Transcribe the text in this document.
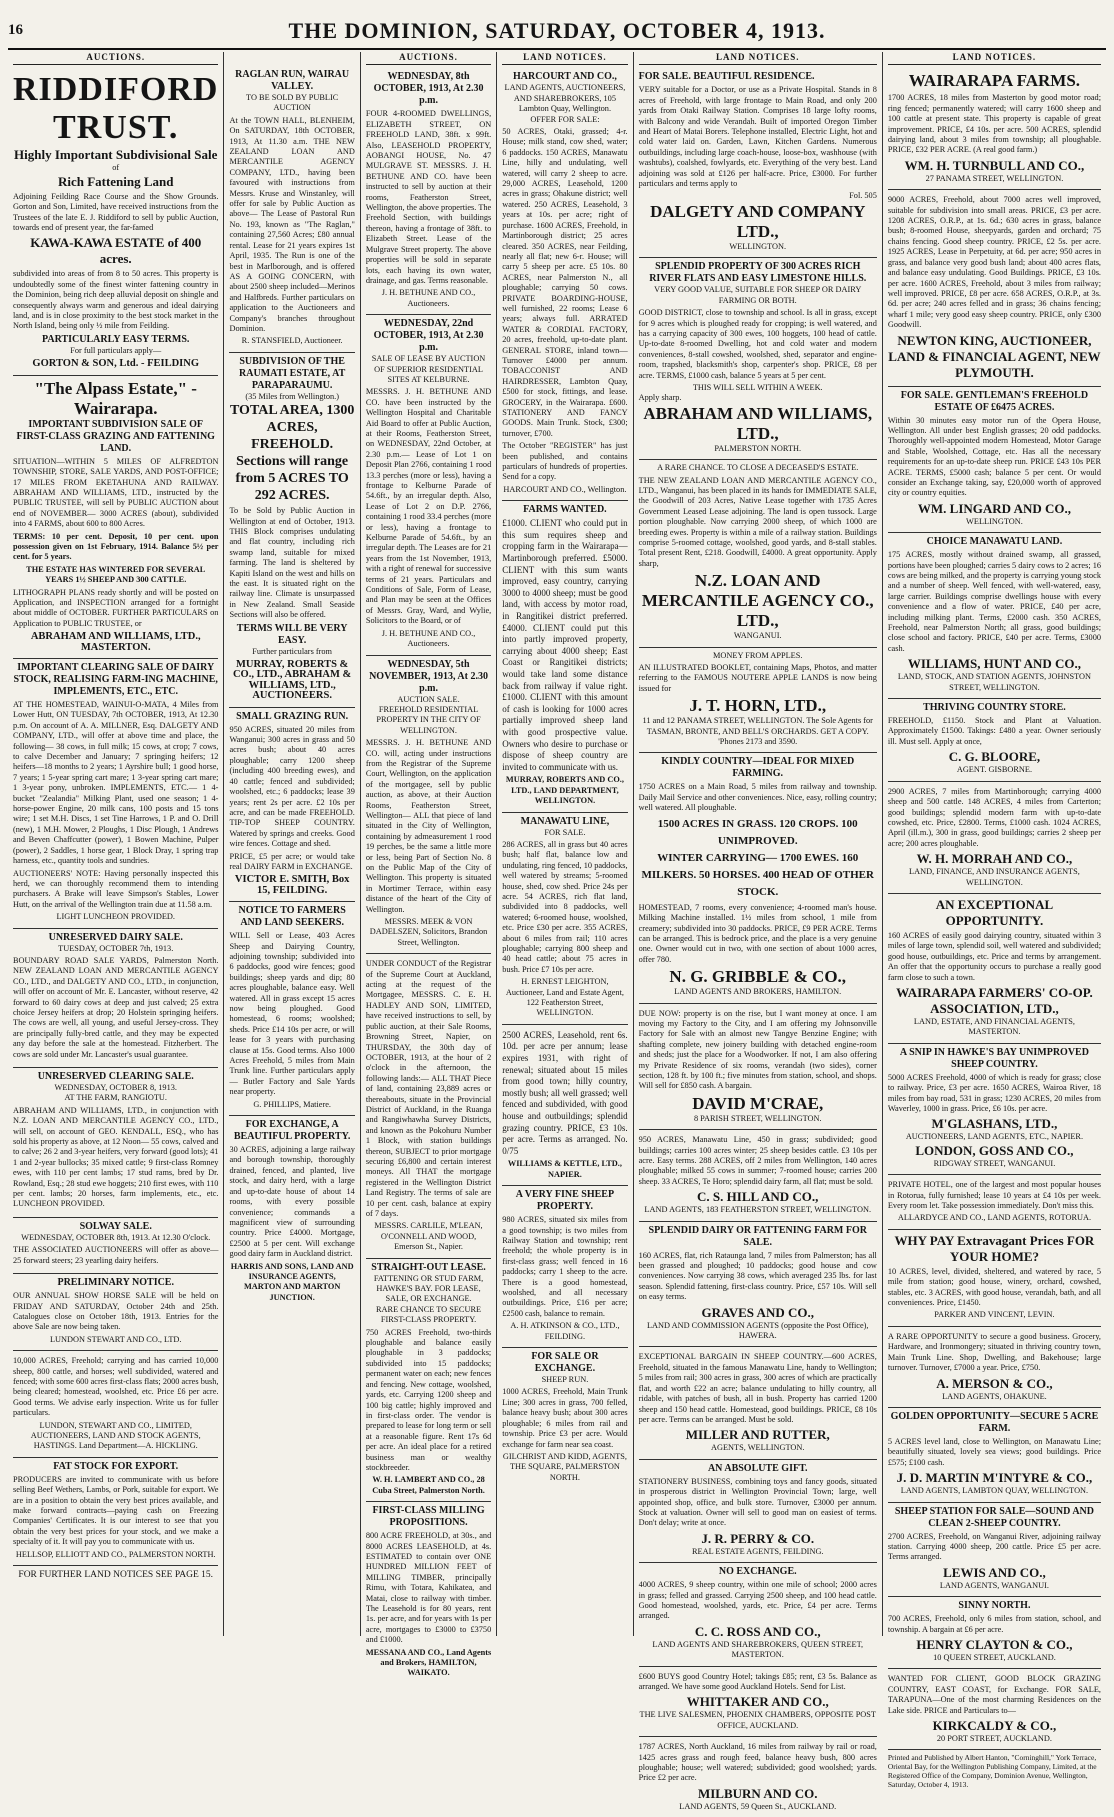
16	THE DOMINION, SATURDAY, OCTOBER 4, 1913.
AUCTIONS.
RIDDIFORD TRUST.
Highly Important Subdivisional Sale
of
Rich Fattening Land

Adjoining Feilding Race Course and the Show Grounds. Gorton and Son, Limited, have received instructions from the Trustees of the late E. J. Riddiford to sell by public Auction, towards end of present year, the far-famed

KAWA-KAWA ESTATE of 400 acres.

subdivided into areas of from 8 to 50 acres. This property is undoubtedly some of the finest winter fattening country in the Dominion, being rich deep alluvial deposit on shingle and consequently always warm and generous and ideal dairying land, and is in close proximity to the best stock market in the North Island, being only ½ mile from Feilding.

PARTICULARLY EASY TERMS.
For full particulars apply—
GORTON & SON, Ltd. - FEILDING
"The Alpass Estate," - Wairarapa.
IMPORTANT SUBDIVISION SALE OF FIRST-CLASS GRAZING AND FATTENING LAND.

SITUATION—WITHIN 5 MILES OF ALFREDTON TOWNSHIP, STORE, SALE YARDS, AND POST-OFFICE; 17 MILES FROM EKETAHUNA AND RAILWAY. ABRAHAM AND WILLIAMS, LTD., instructed by the PUBLIC TRUSTEE, will sell by PUBLIC AUCTION about end of NOVEMBER— 3000 ACRES (about), subdivided into 4 FARMS, about 600 to 800 Acres.

TERMS: 10 per cent. Deposit, 10 per cent. upon possession given on 1st February, 1914. Balance 5½ per cent. for 5 years.

THE ESTATE HAS WINTERED FOR SEVERAL YEARS 1½ SHEEP AND 300 CATTLE.

LITHOGRAPH PLANS ready shortly and will be posted on Application, and INSPECTION arranged for a fortnight about middle of OCTOBER. FURTHER PARTICULARS on Application to PUBLIC TRUSTEE, or

ABRAHAM AND WILLIAMS, LTD., MASTERTON.
IMPORTANT CLEARING SALE OF DAIRY STOCK, REALISING FARM-ING MACHINE, IMPLEMENTS, ETC., ETC.

AT THE HOMESTEAD, WAINUI-O-MATA, 4 Miles from Lower Hutt, ON TUESDAY, 7th OCTOBER, 1913, At 12.30 p.m. On account of A. A. MILLNER, Esq. DALGETY AND COMPANY, LTD., will offer at above time and place, the following— 38 cows, in full milk; 15 cows, at crop; 7 cows, to calve December and January; 7 springing heifers; 12 heifers—18 months to 2 years; 1 Ayrshire bull; 1 good horse, 7 years; 1 5-year spring cart mare; 1 3-year spring cart mare; 1 3-year pony, unbroken. IMPLEMENTS, ETC.— 1 4-bucket "Zealandia" Milking Plant, used one season; 1 4-horse-power Engine, 20 milk cans, 100 posts and 15 tons wire; 1 set M.H. Discs, 1 set Tine Harrows, 1 P. and O. Drill (new), 1 M.H. Mower, 2 Ploughs, 1 Disc Plough, 1 Andrews and Beven Chaffcutter (power), 1 Bowen Machine, Pulper (power), 2 Saddles, 1 horse gear, 1 Block Dray, 1 spring trap harness, etc., quantity tools and sundries.

AUCTIONEERS' NOTE: Having personally inspected this herd, we can thoroughly recommend them to intending purchasers. A Brake will leave Simpson's Stables, Lower Hutt, on the arrival of the Wellington train due at 11.58 a.m.

LIGHT LUNCHEON PROVIDED.
UNRESERVED DAIRY SALE.
TUESDAY, OCTOBER 7th, 1913.

BOUNDARY ROAD SALE YARDS, Palmerston North. NEW ZEALAND LOAN AND MERCANTILE AGENCY CO., LTD., and DALGETY AND CO., LTD., in conjunction, will offer on account of Mr. E. Lancaster, without reserve, 42 forward to 60 dairy cows at deep and just calved; 25 extra choice Jersey heifers at drop; 20 Holstein springing heifers. The cows are well, all young, and useful Jersey-cross. They are principally fully-bred cattle, and they may be expected any day before the sale at the homestead. Fitzherbert. The cows are sold under Mr. Lancaster's usual guarantee.

UNRESERVED CLEARING SALE.
WEDNESDAY, OCTOBER 8, 1913.
AT THE FARM, RANGIOTU.

ABRAHAM AND WILLIAMS, LTD., in conjunction with N.Z. LOAN AND MERCANTILE AGENCY CO., LTD., will sell, on account of GEO. KENDALL, ESQ., who has sold his property as above, at 12 Noon— 55 cows, calved and to calve; 26 2 and 3-year heifers, very forward (good lots); 41 1 and 2-year bullocks; 35 mixed cattle; 9 first-class Romney ewes, with 110 per cent lambs; 17 stud rams, bred by Dr. Rowland, Esq.; 28 stud ewe hoggets; 210 first ewes, with 110 per cent. lambs; 20 horses, farm implements, etc., etc. LUNCHEON PROVIDED.

SOLWAY SALE.
WEDNESDAY, OCTOBER 8th, 1913. At 12.30 O'clock.

THE ASSOCIATED AUCTIONEERS will offer as above— 25 forward steers; 23 yearling dairy heifers.

PRELIMINARY NOTICE.

OUR ANNUAL SHOW HORSE SALE will be held on FRIDAY AND SATURDAY, October 24th and 25th. Catalogues close on October 18th, 1913. Entries for the above Sale are now being taken.

LUNDON STEWART AND CO., LTD.

10,000 ACRES, Freehold; carrying and has carried 10,000 sheep, 800 cattle, and horses; well subdivided, watered and fenced; with some 600 acres first-class flats; 2000 acres bush, being cleared; homestead, woolshed, etc. Price £6 per acre. Good terms. We advise early inspection. Write us for fuller particulars.

LUNDON, STEWART AND CO., LIMITED, AUCTIONEERS, LAND AND STOCK AGENTS, HASTINGS. Land Department—A. HICKLING.
FAT STOCK FOR EXPORT.

PRODUCERS are invited to communicate with us before selling Beef Wethers, Lambs, or Pork, suitable for export. We are in a position to obtain the very best prices available, and make forward contracts—paying cash on Freezing Companies' Certificates. It is our interest to see that you obtain the very best prices for your stock, and we make a specialty of it. It will pay you to communicate with us.

HELLSOP, ELLIOTT AND CO., PALMERSTON NORTH.
FOR FURTHER LAND NOTICES SEE PAGE 15.
RAGLAN RUN, WAIRAU VALLEY.
TO BE SOLD BY PUBLIC AUCTION

At the TOWN HALL, BLENHEIM, On SATURDAY, 18th OCTOBER, 1913, At 11.30 a.m. THE NEW ZEALAND LOAN AND MERCANTILE AGENCY COMPANY, LTD., having been favoured with instructions from Messrs. Kruse and Winstanley, will offer for sale by Public Auction as above— The Lease of Pastoral Run No. 193, known as "The Raglan," containing 27,560 Acres; £80 annual rental. Lease for 21 years expires 1st April, 1935. The Run is one of the best in Marlborough, and is offered AS A GOING CONCERN, with about 2500 sheep included—Merinos and Halfbreds. Further particulars on application to the Auctioneers and Company's branches throughout Dominion.

R. STANSFIELD, Auctioneer.
SUBDIVISION OF THE RAUMATI ESTATE, AT PARAPARAUMU.
(35 Miles from Wellington.)
TOTAL AREA, 1300 ACRES, FREEHOLD.
Sections will range from 5 ACRES TO 292 ACRES.

To be Sold by Public Auction in Wellington at end of October, 1913. THIS Block comprises undulating and flat country, including rich swamp land, suitable for mixed farming. The land is sheltered by Kapiti Island on the west and hills on the east. It is situated right on the railway line. Climate is unsurpassed in New Zealand. Small Seaside Sections will also be offered.

TERMS WILL BE VERY EASY.
Further particulars from
MURRAY, ROBERTS & CO., LTD., ABRAHAM & WILLIAMS, LTD., AUCTIONEERS.
SMALL GRAZING RUN.

950 ACRES, situated 20 miles from Wanganui; 300 acres in grass and 50 acres bush; about 40 acres ploughable; carry 1200 sheep (including 400 breeding ewes), and 40 cattle; fenced and subdivided; woolshed, etc.; 6 paddocks; lease 39 years; rent 2s per acre. £2 10s per acre, and can be made FREEHOLD. TIP-TOP SHEEP COUNTRY. Watered by springs and creeks. Good wire fences. Cottage and shed.

PRICE, £5 per acre; or would take real DAIRY FARM in EXCHANGE.

VICTOR E. SMITH, Box 15, FEILDING.
NOTICE TO FARMERS AND LAND SEEKERS.

WILL Sell or Lease, 403 Acres Sheep and Dairying Country, adjoining township; subdivided into 6 paddocks, good wire fences; good buildings; sheep yards and dip; 80 acres ploughable, balance easy. Well watered. All in grass except 15 acres now being ploughed. Good homestead, 6 rooms; woolshed; sheds. Price £14 10s per acre, or will lease for 3 years with purchasing clause at 15s. Good terms. Also 1000 Acres Freehold, 5 miles from Main Trunk line. Further particulars apply — Butler Factory and Sale Yards near property.

G. PHILLIPS, Matiere.
FOR EXCHANGE, A BEAUTIFUL PROPERTY.

30 ACRES, adjoining a large railway and borough township, thoroughly drained, fenced, and planted, live stock, and dairy herd, with a large and up-to-date house of about 14 rooms, with every possible convenience; commands a magnificent view of surrounding country. Price £4000. Mortgage, £2500 at 5 per cent. Will exchange good dairy farm in Auckland district.

HARRIS AND SONS, LAND AND INSURANCE AGENTS, MARTON AND MARTON JUNCTION.
AUCTIONS.
WEDNESDAY, 8th OCTOBER, 1913, At 2.30 p.m.

FOUR 4-ROOMED DWELLINGS, ELIZABETH STREET, ON FREEHOLD LAND, 38ft. x 99ft. Also, LEASEHOLD PROPERTY, AOBANGI HOUSE, No. 47 MULGRAVE ST. MESSRS. J. H. BETHUNE AND CO. have been instructed to sell by auction at their rooms, Featherston Street, Wellington, the above properties. The Freehold Section, with buildings thereon, having a frontage of 38ft. to Elizabeth Street. Lease of the Mulgrave Street property. The above properties will be sold in separate lots, each having its own water, drainage, and gas. Terms reasonable.

J. H. BETHUNE AND CO., Auctioneers.
WEDNESDAY, 22nd OCTOBER, 1913, At 2.30 p.m.
SALE OF LEASE BY AUCTION OF SUPERIOR RESIDENTIAL SITES AT KELBURNE.

MESSRS. J. H. BETHUNE AND CO. have been instructed by the Wellington Hospital and Charitable Aid Board to offer at Public Auction, at their Rooms, Featherston Street, on WEDNESDAY, 22nd October, at 2.30 p.m.— Lease of Lot 1 on Deposit Plan 2766, containing 1 rood 13.3 perches (more or less), having a frontage to Kelburne Parade of 54.6ft., by an irregular depth. Also, Lease of Lot 2 on D.P. 2766, containing 1 rood 33.4 perches (more or less), having a frontage to Kelburne Parade of 54.6ft., by an irregular depth. The Leases are for 21 years from the 1st November, 1913, with a right of renewal for successive terms of 21 years. Particulars and Conditions of Sale, Form of Lease, and Plan may be seen at the Offices of Messrs. Gray, Ward, and Wylie, Solicitors to the Board, or of

J. H. BETHUNE AND CO., Auctioneers.
WEDNESDAY, 5th NOVEMBER, 1913, At 2.30 p.m.
AUCTION SALE.
FREEHOLD RESIDENTIAL PROPERTY IN THE CITY OF WELLINGTON.

MESSRS. J. H. BETHUNE AND CO. will, acting under instructions from the Registrar of the Supreme Court, Wellington, on the application of the mortgagee, sell by public auction, as above, at their Auction Rooms, Featherston Street, Wellington— ALL that piece of land situated in the City of Wellington, containing by admeasurement 1 rood 19 perches, be the same a little more or less, being Part of Section No. 8 on the Public Map of the City of Wellington. This property is situated in Mortimer Terrace, within easy distance of the heart of the City of Wellington.

MESSRS. MEEK & VON DADELSZEN, Solicitors, Brandon Street, Wellington.

UNDER CONDUCT of the Registrar of the Supreme Court at Auckland, acting at the request of the Mortgagee, MESSRS. C. E. H. HADLEY AND SON, LIMITED, have received instructions to sell, by public auction, at their Sale Rooms, Browning Street, Napier, on THURSDAY, the 30th day of OCTOBER, 1913, at the hour of 2 o'clock in the afternoon, the following lands:— ALL THAT Piece of land, containing 23,889 acres or thereabouts, situate in the Provincial District of Auckland, in the Ruanga and Rangiwhawha Survey Districts, and known as the Pokohuru Number 1 Block, with station buildings thereon, SUBJECT to prior mortgage securing £6,800 and certain interest moneys. All THAT the mortgage registered in the Wellington District Land Registry. The terms of sale are 10 per cent. cash, balance at expiry of 7 days.

MESSRS. CARLILE, M'LEAN, O'CONNELL AND WOOD, Emerson St., Napier.
STRAIGHT-OUT LEASE.
FATTENING OR STUD FARM, HAWKE'S BAY. FOR LEASE, SALE, OR EXCHANGE.
RARE CHANCE TO SECURE FIRST-CLASS PROPERTY.

750 ACRES Freehold, two-thirds ploughable and balance easily ploughable in 3 paddocks; subdivided into 15 paddocks; permanent water on each; new fences and fencing. New cottage, woolshed, yards, etc. Carrying 1200 sheep and 100 big cattle; highly improved and in first-class order. The vendor is prepared to lease for long term or sell at a reasonable figure. Rent 17s 6d per acre. An ideal place for a retired business man or wealthy stockbreeder.

W. H. LAMBERT AND CO., 28 Cuba Street, Palmerston North.
FIRST-CLASS MILLING PROPOSITIONS.

800 ACRE FREEHOLD, at 30s., and 8000 ACRES LEASEHOLD, at 4s. ESTIMATED to contain over ONE HUNDRED MILLION FEET of MILLING TIMBER, principally Rimu, with Totara, Kahikatea, and Matai, close to railway with timber. The Leasehold is for 80 years, rent 1s. per acre, and for years with 1s per acre, mortgages to £3000 to £3750 and £1000.

MESSANA AND CO., Land Agents and Brokers, HAMILTON, WAIKATO.
LAND NOTICES.
HARCOURT AND CO.,
LAND AGENTS, AUCTIONEERS, AND SHAREBROKERS, 105 Lambton Quay, Wellington.
OFFER FOR SALE:

50 ACRES, Otaki, grassed; 4-r. House; milk stand, cow shed, water; 6 paddocks. 150 ACRES, Manawatu Line, hilly and undulating, well watered, will carry 2 sheep to acre. 29,000 ACRES, Leasehold, 1200 acres in grass; Ohakune district; well watered. 250 ACRES, Leasehold, 3 years at 10s. per acre; right of purchase. 1600 ACRES, Freehold, in Martinborough district; 25 acres cleared. 350 ACRES, near Feilding, nearly all flat; new 6-r. House; will carry 5 sheep per acre. £5 10s. 80 ACRES, near Palmerston N., all ploughable; carrying 50 cows. PRIVATE BOARDING-HOUSE, well furnished, 22 rooms; Lease 6 years; always full. ARRATED WATER & CORDIAL FACTORY, 20 acres, freehold, up-to-date plant. GENERAL STORE, inland town—Turnover £4000 per annum. TOBACCONIST AND HAIRDRESSER, Lambton Quay, £500 for stock, fittings, and lease. GROCERY, in the Wairarapa. £600. STATIONERY AND FANCY GOODS. Main Trunk. Stock, £300; turnover, £700.

The October "REGISTER" has just been published, and contains particulars of hundreds of properties. Send for a copy.

HARCOURT AND CO., Wellington.
FARMS WANTED.

£1000. CLIENT who could put in this sum requires sheep and cropping farm in the Wairarapa—Martinborough preferred. £5000. CLIENT with this sum wants improved, easy country, carrying 3000 to 4000 sheep; must be good land, with access by motor road, in Rangitikei district preferred. £4000. CLIENT could put this into partly improved property, carrying about 4000 sheep; East Coast or Rangitikei districts; would take land some distance back from railway if value right. £1000. CLIENT with this amount of cash is looking for 1000 acres partially improved sheep land with good prospective value. Owners who desire to purchase or dispose of sheep country are invited to communicate with us.

MURRAY, ROBERTS AND CO., LTD., LAND DEPARTMENT, WELLINGTON.
MANAWATU LINE,
FOR SALE.

286 ACRES, all in grass but 40 acres bush; half flat, balance low and undulating, ring fenced, 10 paddocks, well watered by streams; 5-roomed house, shed, cow shed. Price 24s per acre. 54 ACRES, rich flat land, subdivided into 8 paddocks, well watered; 6-roomed house, woolshed, etc. Price £30 per acre. 355 ACRES, about 6 miles from rail; 110 acres ploughable; carrying 800 sheep and 40 head cattle; about 75 acres in bush. Price £7 10s per acre.

H. ERNEST LEIGHTON, Auctioneer, Land and Estate Agent, 122 Featherston Street, WELLINGTON.

2500 ACRES, Leasehold, rent 6s. 10d. per acre per annum; lease expires 1931, with right of renewal; situated about 15 miles from good town; hilly country, mostly bush; all well grassed; well fenced and subdivided, with good house and outbuildings; splendid grazing country. PRICE, £3 10s. per acre. Terms as arranged. No. 0/75

WILLIAMS & KETTLE, LTD., NAPIER.
A VERY FINE SHEEP PROPERTY.

980 ACRES, situated six miles from a good township; is two miles from Railway Station and township; rent freehold; the whole property is in first-class grass; well fenced in 16 paddocks; carry 1 sheep to the acre. There is a good homestead, woolshed, and all necessary outbuildings. Price, £16 per acre; £2500 cash, balance to remain.

A. H. ATKINSON & CO., LTD., FEILDING.
FOR SALE OR EXCHANGE.
SHEEP RUN.

1000 ACRES, Freehold, Main Trunk Line; 300 acres in grass, 700 felled, balance heavy bush; about 300 acres ploughable; 6 miles from rail and township. Price £3 per acre. Would exchange for farm near sea coast.

GILCHRIST AND KIDD, AGENTS, THE SQUARE, PALMERSTON NORTH.
LAND NOTICES.
FOR SALE. BEAUTIFUL RESIDENCE.

VERY suitable for a Doctor, or use as a Private Hospital. Stands in 8 acres of Freehold, with large frontage to Main Road, and only 200 yards from Otaki Railway Station. Comprises 18 large lofty rooms, with Balcony and wide Verandah. Built of imported Oregon Timber and Heart of Matai Borers. Telephone installed, Electric Light, hot and cold water laid on. Garden, Lawn, Kitchen Gardens. Numerous outbuildings, including large coach-house, loose-box, washhouse (with washtubs), coalshed, fowlyards, etc. Everything of the very best. Land adjoining was sold at £126 per half-acre. Price, £3000. For further particulars and terms apply to

Fol. 505
DALGETY AND COMPANY LTD.,
WELLINGTON.
SPLENDID PROPERTY OF 300 ACRES RICH RIVER FLATS AND EASY LIMESTONE HILLS.
VERY GOOD VALUE, SUITABLE FOR SHEEP OR DAIRY FARMING OR BOTH.

GOOD DISTRICT, close to township and school. Is all in grass, except for 9 acres which is ploughed ready for cropping; is well watered, and has a carrying capacity of 300 ewes, 100 hoggets, 100 head of cattle. Up-to-date 8-roomed Dwelling, hot and cold water and modern conveniences, 8-stall cowshed, woolshed, shed, separator and engine-room, trapshed, blacksmith's shop, carpenter's shop. PRICE, £8 per acre. TERMS, £1000 cash, balance 5 years at 5 per cent.

THIS WILL SELL WITHIN A WEEK.
Apply sharp.
ABRAHAM AND WILLIAMS, LTD.,
PALMERSTON NORTH.
A RARE CHANCE. TO CLOSE A DECEASED'S ESTATE.

THE NEW ZEALAND LOAN AND MERCANTILE AGENCY CO., LTD., Wanganui, has been placed in its hands for IMMEDIATE SALE, the Goodwill of 203 Acres, Native Lease together with 1735 Acres Government Leased Lease adjoining. The land is open tussock. Large portion ploughable. Now carrying 2000 sheep, of which 1000 are breeding ewes. Property is within a mile of a railway station. Buildings comprise 5-roomed cottage, woolshed, good yards, and 8-stall stables. Total present Rent, £218. Goodwill, £4000. A great opportunity. Apply sharp,

N.Z. LOAN AND MERCANTILE AGENCY CO., LTD.,
WANGANUI.
MONEY FROM APPLES.

AN ILLUSTRATED BOOKLET, containing Maps, Photos, and matter referring to the FAMOUS NOUTERE APPLE LANDS is now being issued for

J. T. HORN, LTD.,
11 and 12 PANAMA STREET, WELLINGTON. The Sole Agents for TASMAN, BRONTE, AND BELL'S ORCHARDS. GET A COPY. 'Phones 2173 and 3590.
KINDLY COUNTRY—IDEAL FOR MIXED FARMING.

1750 ACRES on a Main Road, 5 miles from railway and township. Daily Mail Service and other conveniences. Nice, easy, rolling country; well watered. All ploughable.

1500 ACRES IN GRASS. 120 CROPS. 100 UNIMPROVED.
WINTER CARRYING— 1700 EWES. 160 MILKERS. 50 HORSES. 400 HEAD OF OTHER STOCK.

HOMESTEAD, 7 rooms, every convenience; 4-roomed man's house. Milking Machine installed. 1½ miles from school, 1 mile from creamery; subdivided into 30 paddocks. PRICE, £9 PER ACRE. Terms can be arranged. This is bedrock price, and the place is a very genuine one. Owner would cut in two, with one section of about 1000 acres, offer 780.

N. G. GRIBBLE & CO.,
LAND AGENTS AND BROKERS, HAMILTON.

DUE NOW: property is on the rise, but I want money at once. I am moving my Factory to the City, and I am offering my Johnsonville Factory for Sale with an almost new Tangye Benzine Engine; with shafting complete, new joinery building with detached engine-room and sheds; just the place for a Woodworker. If not, I am also offering my Private Residence of six rooms, verandah (two sides), corner section, 128 ft. by 100 ft.; five minutes from station, school, and shops. Will sell for £850 cash. A bargain.

DAVID M'CRAE,
8 PARISH STREET, WELLINGTON.

950 ACRES, Manawatu Line, 450 in grass; subdivided; good buildings; carries 100 acres winter; 25 sheep besides cattle. £3 10s per acre. Easy terms. 288 ACRES, off 2 miles from Wellington, 140 acres ploughable; milked 55 cows in summer; 7-roomed house; carries 200 sheep. 33 ACRES, Te Horo; splendid dairy farm, all flat; must be sold.

C. S. HILL AND CO.,
LAND AGENTS, 183 FEATHERSTON STREET, WELLINGTON.
SPLENDID DAIRY OR FATTENING FARM FOR SALE.

160 ACRES, flat, rich Rataunga land, 7 miles from Palmerston; has all been grassed and ploughed; 10 paddocks; good house and cow conveniences. Now carrying 38 cows, which averaged 235 lbs. for last season. Splendid fattening, first-class country. Price, £57 10s. Will sell on easy terms.

GRAVES AND CO.,
LAND AND COMMISSION AGENTS (opposite the Post Office), HAWERA.

EXCEPTIONAL BARGAIN IN SHEEP COUNTRY.—600 ACRES, Freehold, situated in the famous Manawatu Line, handy to Wellington; 5 miles from rail; 300 acres in grass, 300 acres of which are practically flat, and worth £22 an acre; balance undulating to hilly country, all ridable, with patches of bush, all in bush. Property has carried 1200 sheep and 150 head cattle. Homestead, good buildings. PRICE, £8 10s per acre. Terms can be arranged. Must be sold.

MILLER AND RUTTER,
AGENTS, WELLINGTON.
AN ABSOLUTE GIFT.

STATIONERY BUSINESS, combining toys and fancy goods, situated in prosperous district in Wellington Provincial Town; large, well appointed shop, office, and bulk store. Turnover, £3000 per annum. Stock at valuation. Owner will sell to good man on easiest of terms. Don't delay; write at once.

J. R. PERRY & CO.
REAL ESTATE AGENTS, FEILDING.
NO EXCHANGE.

4000 ACRES, 9 sheep country, within one mile of school; 2000 acres in grass; felled and grassed. Carrying 2500 sheep, and 100 head cattle. Good homestead, woolshed, yards, etc. Price, £4 per acre. Terms arranged.

C. C. ROSS AND CO.,
LAND AGENTS AND SHAREBROKERS, QUEEN STREET, MASTERTON.

£600 BUYS good Country Hotel; takings £85; rent, £3 5s. Balance as arranged. We have some good Auckland Hotels. Send for List.

WHITTAKER AND CO.,
THE LIVE SALESMEN, PHOENIX CHAMBERS, OPPOSITE POST OFFICE, AUCKLAND.

1787 ACRES, North Auckland, 16 miles from railway by rail or road, 1425 acres grass and rough feed, balance heavy bush, 800 acres ploughable; house; well watered; subdivided; good woolshed; yards. Price £2 per acre.

MILBURN AND CO.
LAND AGENTS, 59 Queen St., AUCKLAND.
LAND NOTICES.
WAIRARAPA FARMS.

1700 ACRES, 18 miles from Masterton by good motor road; ring fenced; permanently watered; will carry 1600 sheep and 100 cattle at present state. This property is capable of great improvement. PRICE, £4 10s. per acre. 500 ACRES, splendid dairying land, about 3 miles from township; all ploughable. PRICE, £32 PER ACRE. (A real good farm.)

WM. H. TURNBULL AND CO.,
27 PANAMA STREET, WELLINGTON.

9000 ACRES, Freehold, about 7000 acres well improved, suitable for subdivision into small areas. PRICE, £3 per acre. 1208 ACRES, O.R.P., at 1s. 6d.; 630 acres in grass, balance bush; 8-roomed House, sheepyards, garden and orchard; 75 chains fencing. Good sheep country. PRICE, £2 5s. per acre. 1925 ACRES, Lease in Perpetuity, at 6d. per acre; 950 acres in grass, and balance very good bush land; about 400 acres flats, and balance easy undulating. Good Buildings. PRICE, £3 10s. per acre. 1600 ACRES, Freehold, about 3 miles from railway; well improved. PRICE, £8 per acre. 658 ACRES, O.R.P., at 3s. 6d. per acre; 240 acres felled and in grass; 36 chains fencing; wharf 1 mile; very good easy sheep country. PRICE, only £300 Goodwill.

NEWTON KING, AUCTIONEER, LAND & FINANCIAL AGENT, NEW PLYMOUTH.
FOR SALE. GENTLEMAN'S FREEHOLD ESTATE OF £6475 ACRES.

Within 30 minutes easy motor run of the Opera House, Wellington. All under best English grasses; 20 odd paddocks. Thoroughly well-appointed modern Homestead, Motor Garage and Stable, Woolshed, Cottage, etc. Has all the necessary requirements for an up-to-date sheep run. PRICE £43 10s PER ACRE. TERMS, £5000 cash; balance 5 per cent. Or would consider an Exchange taking, say, £20,000 worth of approved city or country equities.

WM. LINGARD AND CO.,
WELLINGTON.
CHOICE MANAWATU LAND.

175 ACRES, mostly without drained swamp, all grassed, portions have been ploughed; carries 5 dairy cows to 2 acres; 16 cows are being milked, and the property is carrying young stock and a number of sheep. Well fenced, with well-watered, easy, large carrier. Buildings comprise dwellings house with every convenience and a flow of water. PRICE, £40 per acre, including milking plant. Terms, £2000 cash. 350 ACRES, Freehold, near Palmerston North; all grass, good buildings; close school and factory. PRICE, £40 per acre. Terms, £3000 cash.

WILLIAMS, HUNT AND CO.,
LAND, STOCK, AND STATION AGENTS, JOHNSTON STREET, WELLINGTON.
THRIVING COUNTRY STORE.

FREEHOLD, £1150. Stock and Plant at Valuation. Approximately £1500. Takings: £480 a year. Owner seriously ill. Must sell. Apply at once,

C. G. BLOORE,
AGENT. GISBORNE.

2900 ACRES, 7 miles from Martinborough; carrying 4000 sheep and 500 cattle. 148 ACRES, 4 miles from Carterton; good buildings; splendid modern farm with up-to-date cowshed, etc. Price, £2800. Terms, £1000 cash. 1024 ACRES, April (ill.m.), 300 in grass, good buildings; carries 2 sheep per acre; 200 acres ploughable.

W. H. MORRAH AND CO.,
LAND, FINANCE, AND INSURANCE AGENTS, WELLINGTON.
AN EXCEPTIONAL OPPORTUNITY.

160 ACRES of easily good dairying country, situated within 3 miles of large town, splendid soil, well watered and subdivided; good house, outbuildings, etc. Price and terms by arrangement. An offer that the opportunity occurs to purchase a really good farm close to such a town.

WAIRARAPA FARMERS' CO-OP. ASSOCIATION, LTD.,
LAND, ESTATE, AND FINANCIAL AGENTS, MASTERTON.
A SNIP IN HAWKE'S BAY UNIMPROVED SHEEP COUNTRY.

5000 ACRES Freehold, 4000 of which is ready for grass; close to railway. Price, £3 per acre. 1650 ACRES, Wairoa River, 18 miles from bay road, 531 in grass; 1230 ACRES, 20 miles from Waverley, 1000 in grass. Price, £6 10s. per acre.

M'GLASHANS, LTD.,
AUCTIONEERS, LAND AGENTS, ETC., NAPIER.
LONDON, GOSS AND CO.,
RIDGWAY STREET, WANGANUI.

PRIVATE HOTEL, one of the largest and most popular houses in Rotorua, fully furnished; lease 10 years at £4 10s per week. Every room let. Take possession immediately. Don't miss this.

ALLARDYCE AND CO., LAND AGENTS, ROTORUA.
WHY PAY Extravagant Prices FOR YOUR HOME?

10 ACRES, level, divided, sheltered, and watered by race, 5 mile from station; good house, winery, orchard, cowshed, stables, etc. 3 ACRES, with good house, verandah, bath, and all conveniences. Price, £1450.

PARKER AND VINCENT, LEVIN.

A RARE OPPORTUNITY to secure a good business. Grocery, Hardware, and Ironmongery; situated in thriving country town, Main Trunk Line. Shop, Dwelling, and Bakehouse; large turnover. Turnover, £7000 a year. Price, £750.

A. MERSON & CO.,
LAND AGENTS, OHAKUNE.
GOLDEN OPPORTUNITY—SECURE 5 ACRE FARM.

5 ACRES level land, close to Wellington, on Manawatu Line; beautifully situated, lovely sea views; good buildings. Price £575; £100 cash.

J. D. MARTIN M'INTYRE & CO.,
LAND AGENTS, LAMBTON QUAY, WELLINGTON.
SHEEP STATION FOR SALE—SOUND AND CLEAN 2-SHEEP COUNTRY.

2700 ACRES, Freehold, on Wanganui River, adjoining railway station. Carrying 4000 sheep, 200 cattle. Price £5 per acre. Terms arranged.

LEWIS AND CO.,
LAND AGENTS, WANGANUI.
SINNY NORTH.

700 ACRES, Freehold, only 6 miles from station, school, and township. A bargain at £6 per acre.

HENRY CLAYTON & CO.,
10 QUEEN STREET, AUCKLAND.

WANTED FOR CLIENT, GOOD BLOCK GRAZING COUNTRY, EAST COAST, for Exchange. FOR SALE, TARAPUNA—One of the most charming Residences on the Lake side. PRICE and Particulars to—

KIRKCALDY & CO.,
20 PORT STREET, AUCKLAND.

Printed and Published by Albert Hanton, "Corninghill," York Terrace, Oriental Bay, for the Wellington Publishing Company, Limited, at the Registered Office of the Company, Dominion Avenue, Wellington, Saturday, October 4, 1913.
